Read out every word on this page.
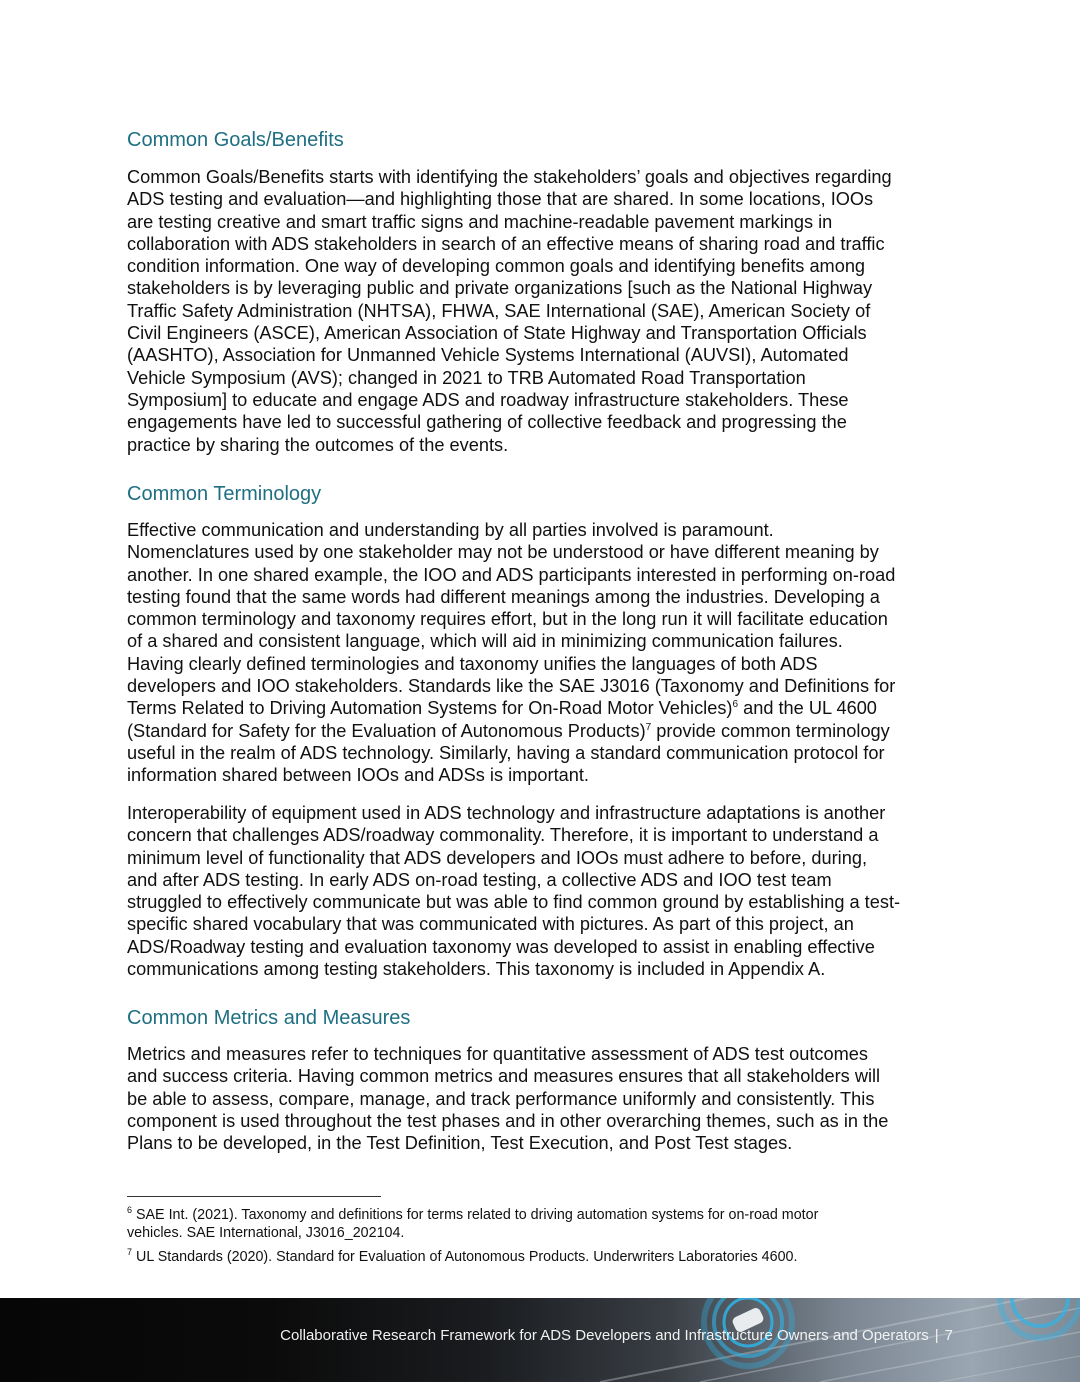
Common Goals/Benefits

Common Goals/Benefits starts with identifying the stakeholders’ goals and objectives regarding
ADS testing and evaluation—and highlighting those that are shared. In some locations, IOOs
are testing creative and smart traffic signs and machine-readable pavement markings in
collaboration with ADS stakeholders in search of an effective means of sharing road and traffic
condition information. One way of developing common goals and identifying benefits among
stakeholders is by leveraging public and private organizations [such as the National Highway
Traffic Safety Administration (NHTSA), FHWA, SAE International (SAE), American Society of
Civil Engineers (ASCE), American Association of State Highway and Transportation Officials
(AASHTO), Association for Unmanned Vehicle Systems International (AUVSI), Automated
Vehicle Symposium (AVS); changed in 2021 to TRB Automated Road Transportation
Symposium] to educate and engage ADS and roadway infrastructure stakeholders. These
engagements have led to successful gathering of collective feedback and progressing the
practice by sharing the outcomes of the events.

Common Terminology

Effective communication and understanding by all parties involved is paramount.
Nomenclatures used by one stakeholder may not be understood or have different meaning by
another. In one shared example, the IOO and ADS participants interested in performing on-road
testing found that the same words had different meanings among the industries. Developing a
common terminology and taxonomy requires effort, but in the long run it will facilitate education
of a shared and consistent language, which will aid in minimizing communication failures.
Having clearly defined terminologies and taxonomy unifies the languages of both ADS
developers and IOO stakeholders. Standards like the SAE J3016 (Taxonomy and Definitions for
Terms Related to Driving Automation Systems for On-Road Motor Vehicles)$^6$ and the UL 4600
(Standard for Safety for the Evaluation of Autonomous Products)$^7$ provide common terminology
useful in the realm of ADS technology. Similarly, having a standard communication protocol for
information shared between IOOs and ADSs is important.

Interoperability of equipment used in ADS technology and infrastructure adaptations is another
concern that challenges ADS/roadway commonality. Therefore, it is important to understand a
minimum level of functionality that ADS developers and IOOs must adhere to before, during,
and after ADS testing. In early ADS on-road testing, a collective ADS and IOO test team
struggled to effectively communicate but was able to find common ground by establishing a test-
specific shared vocabulary that was communicated with pictures. As part of this project, an
ADS/Roadway testing and evaluation taxonomy was developed to assist in enabling effective
communications among testing stakeholders. This taxonomy is included in Appendix A.

Common Metrics and Measures

Metrics and measures refer to techniques for quantitative assessment of ADS test outcomes
and success criteria. Having common metrics and measures ensures that all stakeholders will
be able to assess, compare, manage, and track performance uniformly and consistently. This
component is used throughout the test phases and in other overarching themes, such as in the
Plans to be developed, in the Test Definition, Test Execution, and Post Test stages.

$^6$ SAE Int. (2021). Taxonomy and definitions for terms related to driving automation systems for on-road motor
vehicles. SAE International, J3016_202104.
$^7$ UL Standards (2020). Standard for Evaluation of Autonomous Products. Underwriters Laboratories 4600.
Collaborative Research Framework for ADS Developers and Infrastructure Owners and Operators | 7
